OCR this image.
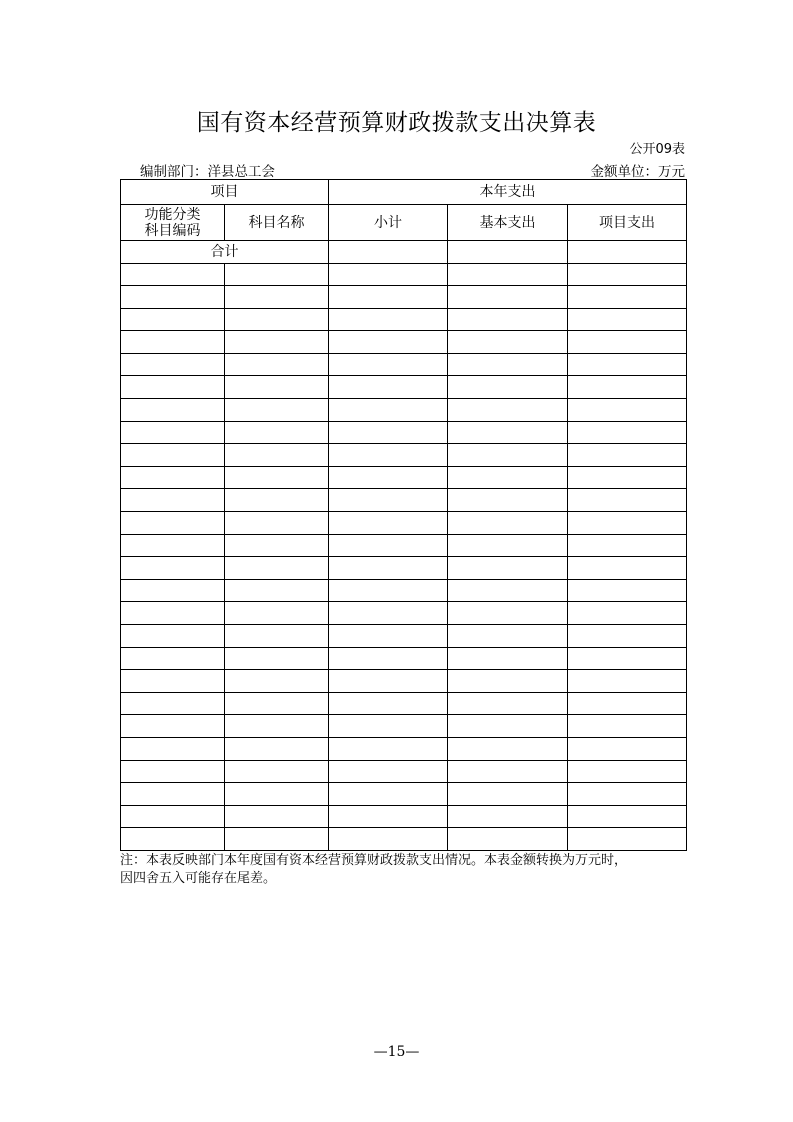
国有资本经营预算财政拨款支出决算表
公开09表
编制部门：洋县总工会	金额单位：万元
项目		本年支出		
功能分类
科目编码	科目名称	小计	基本支出	项目支出
合计				

注：本表反映部门本年度国有资本经营预算财政拨款支出情况。本表金额转换为万元时，
因四舍五入可能存在尾差。
—15—
